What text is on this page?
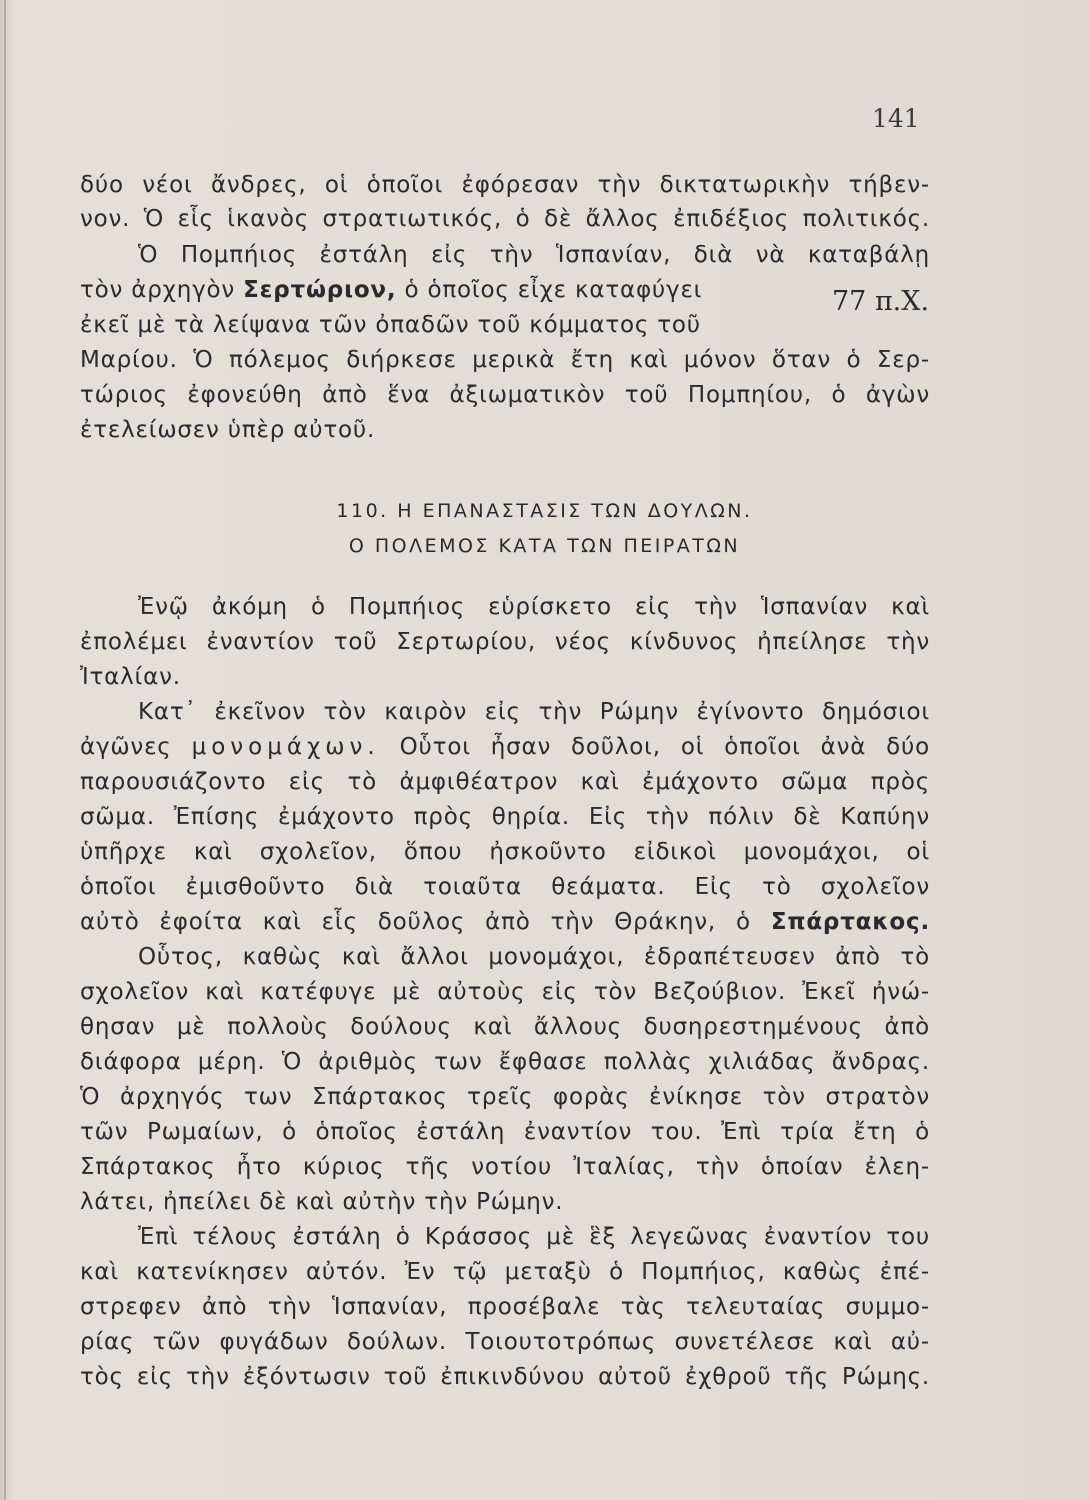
141
77 π.Χ.
δύο νέοι ἄνδρες, οἱ ὁποῖοι ἐφόρεσαν τὴν δικτατωρικὴν τήβεν-
νον. Ὁ εἷς ἱκανὸς στρατιωτικός, ὁ δὲ ἄλλος ἐπιδέξιος πολιτικός.
Ὁ Πομπήιος ἐστάλη εἰς τὴν Ἱσπανίαν, διὰ νὰ καταβάλῃ
τὸν ἀρχηγὸν Σερτώριον, ὁ ὁποῖος εἶχε καταφύγει
ἐκεῖ μὲ τὰ λείψανα τῶν ὀπαδῶν τοῦ κόμματος τοῦ
Μαρίου. Ὁ πόλεμος διήρκεσε μερικὰ ἔτη καὶ μόνον ὅταν ὁ Σερ-
τώριος ἐφονεύθη ἀπὸ ἕνα ἀξιωματικὸν τοῦ Πομπηίου, ὁ ἀγὼν
ἐτελείωσεν ὑπὲρ αὐτοῦ.
110. Η ΕΠΑΝΑΣΤΑΣΙΣ ΤΩΝ ΔΟΥΛΩΝ.
Ο ΠΟΛΕΜΟΣ ΚΑΤΑ ΤΩΝ ΠΕΙΡΑΤΩΝ
Ἐνῷ ἀκόμη ὁ Πομπήιος εὑρίσκετο εἰς τὴν Ἱσπανίαν καὶ
ἐπολέμει ἐναντίον τοῦ Σερτωρίου, νέος κίνδυνος ἠπείλησε τὴν
Ἰταλίαν.
Κατ᾽ ἐκεῖνον τὸν καιρὸν εἰς τὴν Ρώμην ἐγίνοντο δημόσιοι
ἀγῶνες μονομάχων. Οὗτοι ἦσαν δοῦλοι, οἱ ὁποῖοι ἀνὰ δύο
παρουσιάζοντο εἰς τὸ ἀμφιθέατρον καὶ ἐμάχοντο σῶμα πρὸς
σῶμα. Ἐπίσης ἐμάχοντο πρὸς θηρία. Εἰς τὴν πόλιν δὲ Καπύην
ὑπῆρχε καὶ σχολεῖον, ὅπου ἠσκοῦντο εἰδικοὶ μονομάχοι, οἱ
ὁποῖοι ἐμισθοῦντο διὰ τοιαῦτα θεάματα. Εἰς τὸ σχολεῖον
αὐτὸ ἐφοίτα καὶ εἷς δοῦλος ἀπὸ τὴν Θράκην, ὁ Σπάρτακος.
Οὗτος, καθὼς καὶ ἄλλοι μονομάχοι, ἐδραπέτευσεν ἀπὸ τὸ
σχολεῖον καὶ κατέφυγε μὲ αὐτοὺς εἰς τὸν Βεζούβιον. Ἐκεῖ ἠνώ-
θησαν μὲ πολλοὺς δούλους καὶ ἄλλους δυσηρεστημένους ἀπὸ
διάφορα μέρη. Ὁ ἀριθμὸς των ἔφθασε πολλὰς χιλιάδας ἄνδρας.
Ὁ ἀρχηγός των Σπάρτακος τρεῖς φορὰς ἐνίκησε τὸν στρατὸν
τῶν Ρωμαίων, ὁ ὁποῖος ἐστάλη ἐναντίον του. Ἐπὶ τρία ἔτη ὁ
Σπάρτακος ἦτο κύριος τῆς νοτίου Ἰταλίας, τὴν ὁποίαν ἐλεη-
λάτει, ἠπείλει δὲ καὶ αὐτὴν τὴν Ρώμην.
Ἐπὶ τέλους ἐστάλη ὁ Κράσσος μὲ ἓξ λεγεῶνας ἐναντίον του
καὶ κατενίκησεν αὐτόν. Ἐν τῷ μεταξὺ ὁ Πομπήιος, καθὼς ἐπέ-
στρεφεν ἀπὸ τὴν Ἱσπανίαν, προσέβαλε τὰς τελευταίας συμμο-
ρίας τῶν φυγάδων δούλων. Τοιουτοτρόπως συνετέλεσε καὶ αὐ-
τὸς εἰς τὴν ἐξόντωσιν τοῦ ἐπικινδύνου αὐτοῦ ἐχθροῦ τῆς Ρώμης.
